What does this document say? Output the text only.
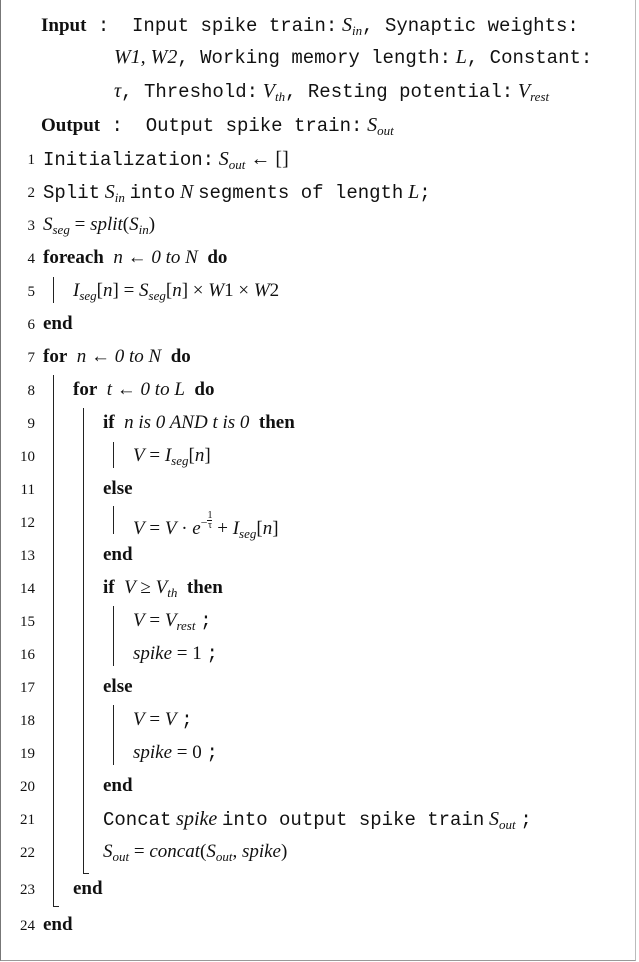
Input :  Input spike train: $S_{in}$, Synaptic weights:
W1, W2, Working memory length: L, Constant:
τ, Threshold: $V_{th}$, Resting potential: $V_{rest}$
Output :  Output spike train: $S_{out}$
1 Initialization: $S_{out}$ ← []
2 Split $S_{in}$ into N segments of length L;
3 $S_{seg}$ = $split(S_{in})$
4 foreach n ← 0 to N do
5 $I_{seg}[n] = S_{seg}[n] \times W1 \times W2$
6 end
7 for n ← 0 to N do
8 for t ← 0 to L do
9	if n is 0 AND t is 0 then
10	$V = I_{seg}[n]$
11	else
12	$V = V \cdot e^- \frac{1}{\tau} + I_{seg}[n]$
13	end
14	if $V \ge V_{th}$ then
15	$V = V_{rest}$ ;
16	spike = 1 ;
17	else
18	V = V ;
19	spike = 0 ;
20	end
21	Concat spike into output spike train $S_{out}$ ;
22	$S_{out}$ = $concat(S_{out}$, spike)
23 end
24 end
